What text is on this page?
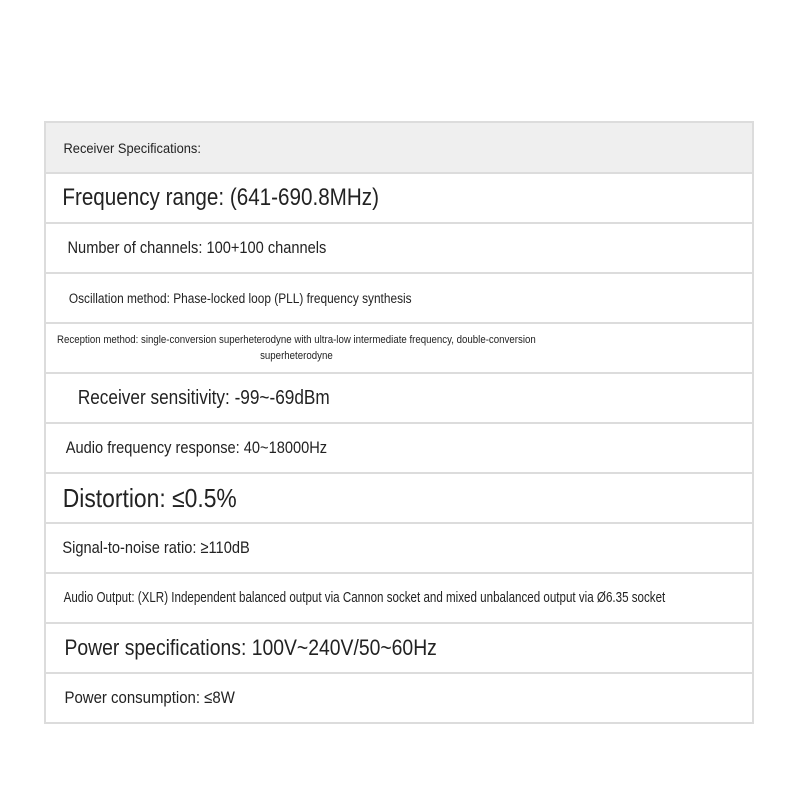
Receiver Specifications:
Frequency range: (641-690.8MHz)
Number of channels: 100+100 channels
Oscillation method: Phase-locked loop (PLL) frequency synthesis
Reception method: single-conversion superheterodyne with ultra-low intermediate frequency, double-conversion superheterodyne
Receiver sensitivity: -99~-69dBm
Audio frequency response: 40~18000Hz
Distortion: ≤0.5%
Signal-to-noise ratio: ≥110dB
Audio Output: (XLR) Independent balanced output via Cannon socket and mixed unbalanced output via Ø6.35 socket
Power specifications: 100V~240V/50~60Hz
Power consumption: ≤8W
